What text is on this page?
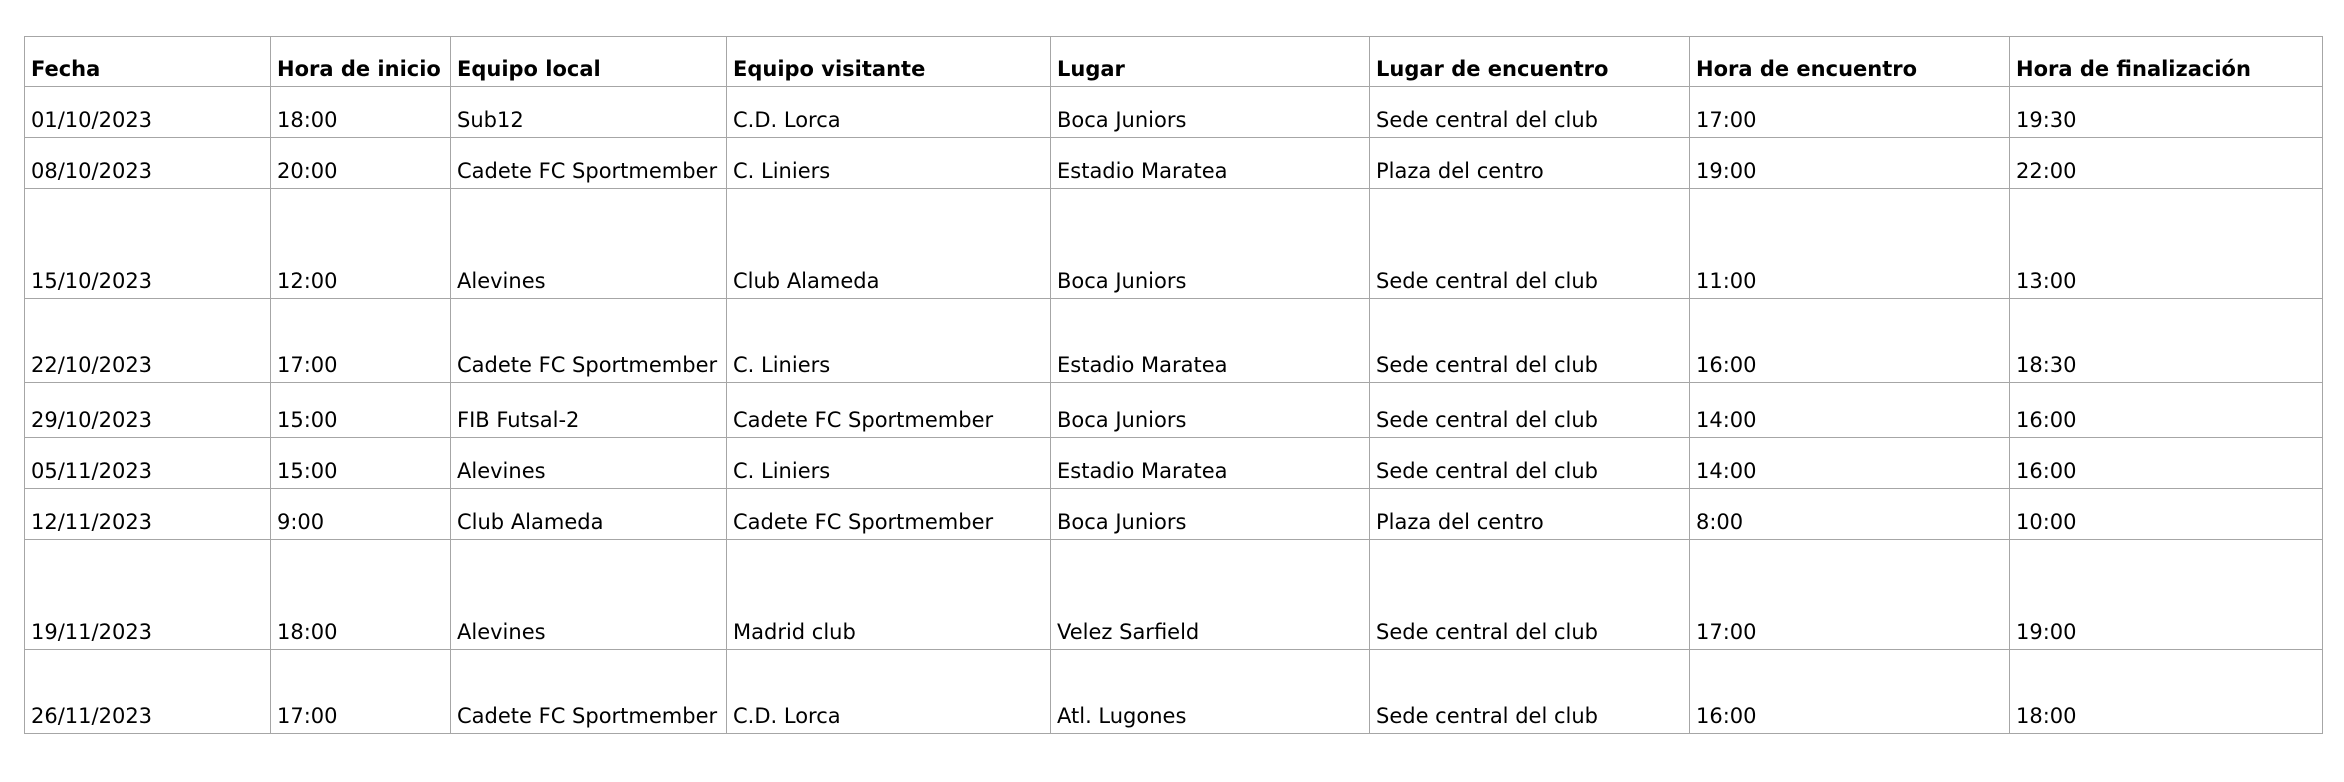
Fecha	Hora de inicio	Equipo local	Equipo visitante	Lugar	Lugar de encuentro	Hora de encuentro	Hora de finalización
01/10/2023	18:00	Sub12	C.D. Lorca	Boca Juniors	Sede central del club	17:00	19:30
08/10/2023	20:00	Cadete FC Sportmember	C. Liniers	Estadio Maratea	Plaza del centro	19:00	22:00
15/10/2023	12:00	Alevines	Club Alameda	Boca Juniors	Sede central del club	11:00	13:00
22/10/2023	17:00	Cadete FC Sportmember	C. Liniers	Estadio Maratea	Sede central del club	16:00	18:30
29/10/2023	15:00	FIB Futsal-2	Cadete FC Sportmember	Boca Juniors	Sede central del club	14:00	16:00
05/11/2023	15:00	Alevines	C. Liniers	Estadio Maratea	Sede central del club	14:00	16:00
12/11/2023	9:00	Club Alameda	Cadete FC Sportmember	Boca Juniors	Plaza del centro	8:00	10:00
19/11/2023	18:00	Alevines	Madrid club	Velez Sarfield	Sede central del club	17:00	19:00
26/11/2023	17:00	Cadete FC Sportmember	C.D. Lorca	Atl. Lugones	Sede central del club	16:00	18:00
